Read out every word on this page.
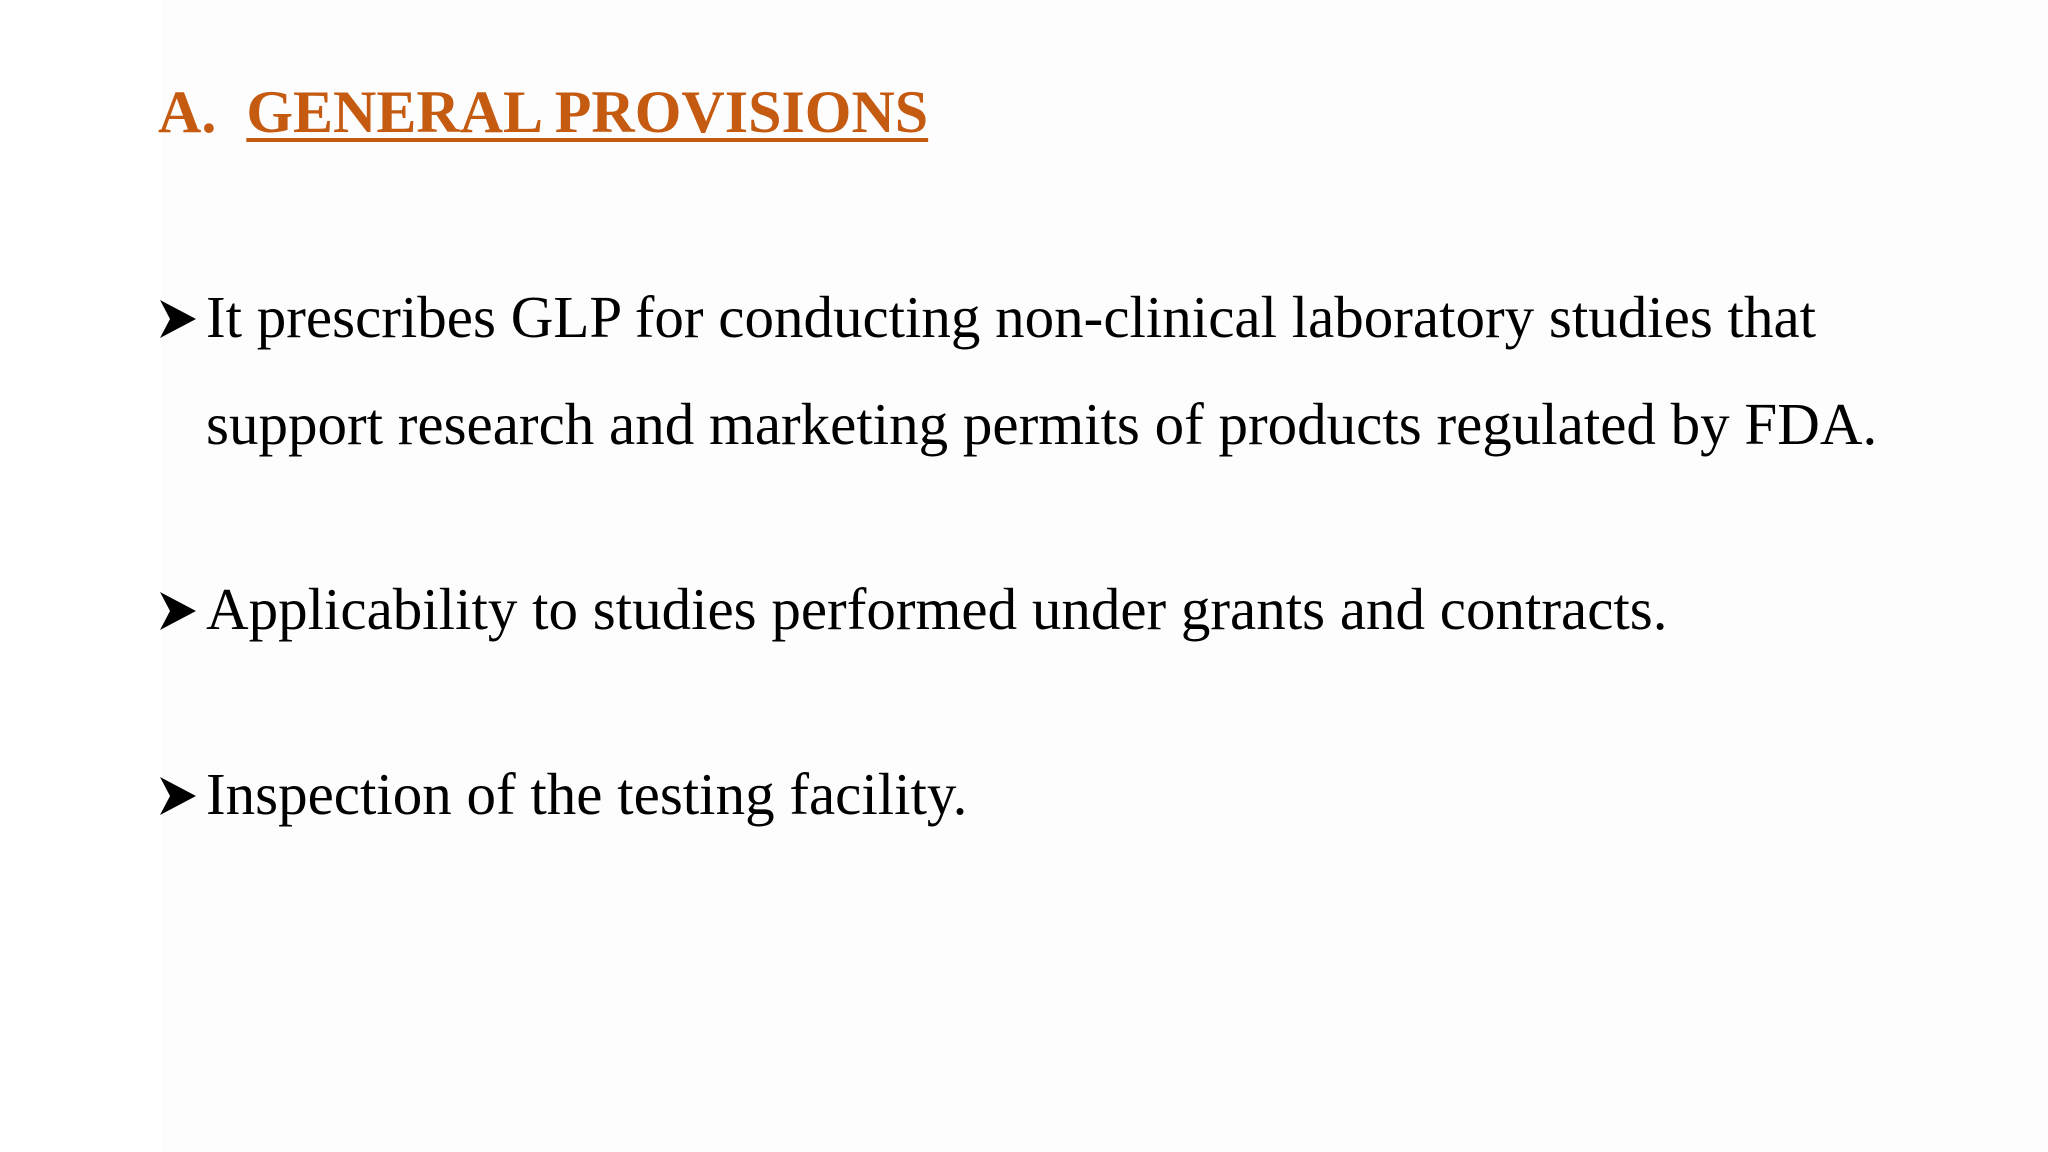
A. GENERAL PROVISIONS
It prescribes GLP for conducting non-clinical laboratory studies that
support research and marketing permits of products regulated by FDA.
Applicability to studies performed under grants and contracts.
Inspection of the testing facility.
